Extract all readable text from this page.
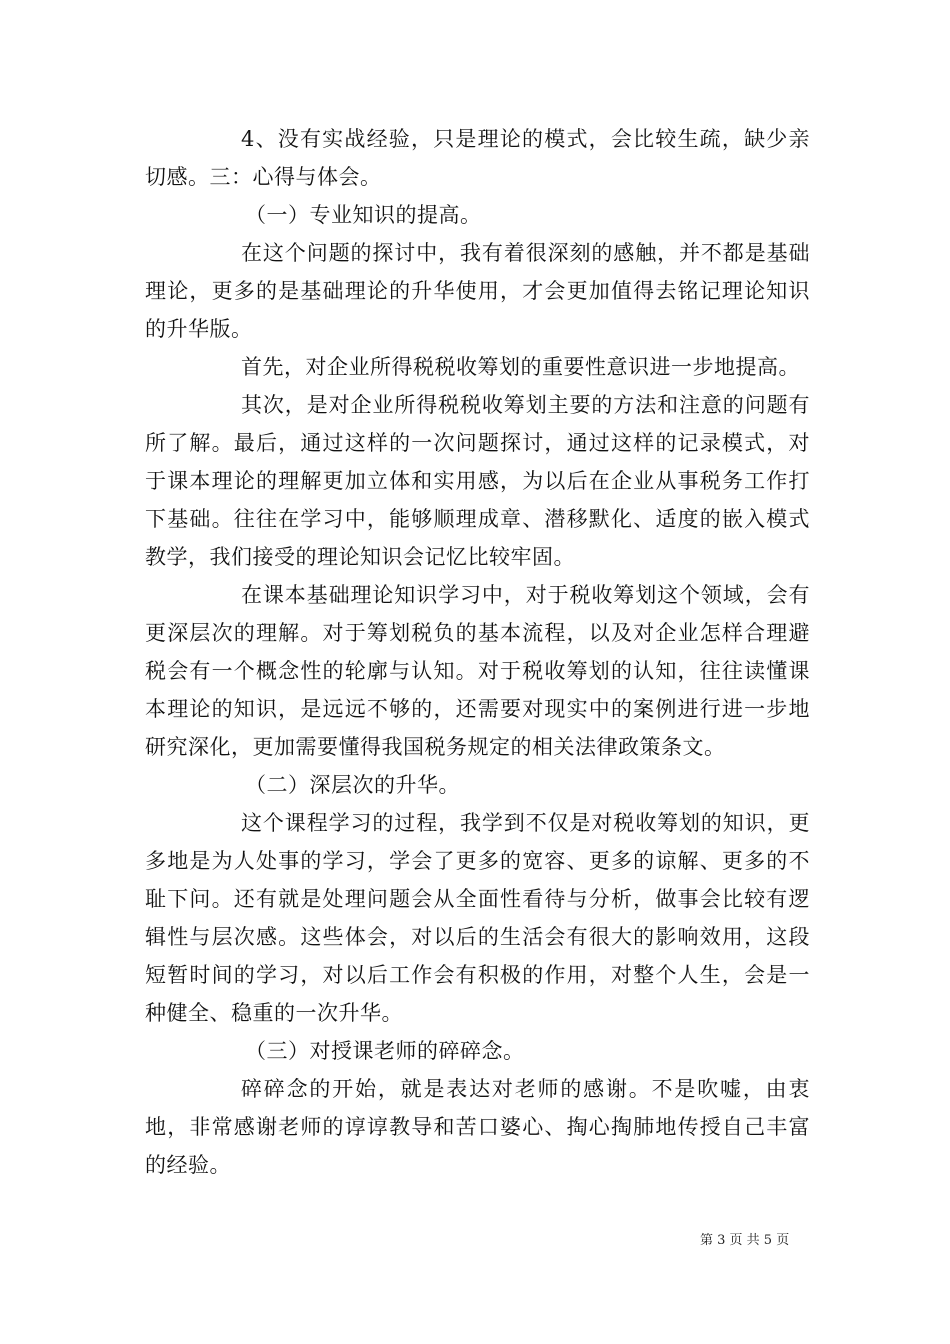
4、没有实战经验，只是理论的模式，会比较生疏，缺少亲切感。三：心得与体会。

（一）专业知识的提高。

在这个问题的探讨中，我有着很深刻的感触，并不都是基础理论，更多的是基础理论的升华使用，才会更加值得去铭记理论知识的升华版。

首先，对企业所得税税收筹划的重要性意识进一步地提高。

其次，是对企业所得税税收筹划主要的方法和注意的问题有所了解。最后，通过这样的一次问题探讨，通过这样的记录模式，对于课本理论的理解更加立体和实用感，为以后在企业从事税务工作打下基础。往往在学习中，能够顺理成章、潜移默化、适度的嵌入模式教学，我们接受的理论知识会记忆比较牢固。

在课本基础理论知识学习中，对于税收筹划这个领域，会有更深层次的理解。对于筹划税负的基本流程，以及对企业怎样合理避税会有一个概念性的轮廓与认知。对于税收筹划的认知，往往读懂课本理论的知识，是远远不够的，还需要对现实中的案例进行进一步地研究深化，更加需要懂得我国税务规定的相关法律政策条文。

（二）深层次的升华。

这个课程学习的过程，我学到不仅是对税收筹划的知识，更多地是为人处事的学习，学会了更多的宽容、更多的谅解、更多的不耻下问。还有就是处理问题会从全面性看待与分析，做事会比较有逻辑性与层次感。这些体会，对以后的生活会有很大的影响效用，这段短暂时间的学习，对以后工作会有积极的作用，对整个人生，会是一种健全、稳重的一次升华。

（三）对授课老师的碎碎念。

碎碎念的开始，就是表达对老师的感谢。不是吹嘘，由衷地，非常感谢老师的谆谆教导和苦口婆心、掏心掏肺地传授自己丰富的经验。

第 3 页 共 5 页
